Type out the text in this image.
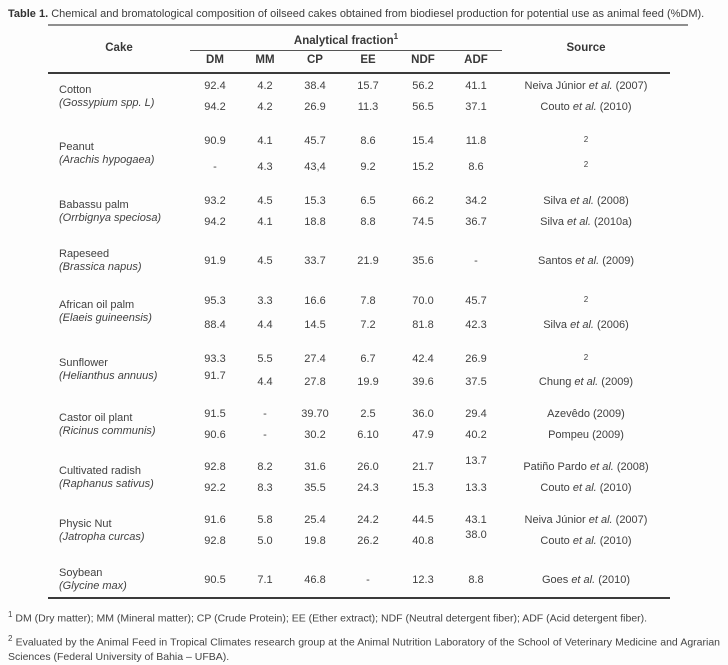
Table 1. Chemical and bromatological composition of oilseed cakes obtained from biodiesel production for potential use as animal feed (%DM).

Cake	Analytical fraction$^1$						Source
	DM	MM	CP	EE	NDF	ADF	

Cotton
(Gossypium spp. L)	92.4	4.2	38.4	15.7	56.2	41.1	Neiva Júnior et al. (2007)
	94.2	4.2	26.9	11.3	56.5	37.1	Couto et al. (2010)

Peanut
(Arachis hypogaea)	90.9	4.1	45.7	8.6	15.4	11.8	$^2$
	-	4.3	43,4	9.2	15.2	8.6	$^2$

Babassu palm
(Orrbignya speciosa)	93.2	4.5	15.3	6.5	66.2	34.2	Silva et al. (2008)
	94.2	4.1	18.8	8.8	74.5	36.7	Silva et al. (2010a)

Rapeseed
(Brassica napus)	91.9	4.5	33.7	21.9	35.6	-	Santos et al. (2009)

African oil palm
(Elaeis guineensis)	95.3	3.3	16.6	7.8	70.0	45.7	$^2$
	88.4	4.4	14.5	7.2	81.8	42.3	Silva et al. (2006)

Sunflower
(Helianthus annuus)	93.3	5.5	27.4	6.7	42.4	26.9	$^2$
	91.7	4.4	27.8	19.9	39.6	37.5	Chung et al. (2009)

Castor oil plant
(Ricinus communis)	91.5	-	39.70	2.5	36.0	29.4	Azevêdo (2009)
	90.6	-	30.2	6.10	47.9	40.2	Pompeu (2009)

Cultivated radish
(Raphanus sativus)	92.8	8.2	31.6	26.0	21.7	13.7	Patiño Pardo et al. (2008)
	92.2	8.3	35.5	24.3	15.3	13.3	Couto et al. (2010)

Physic Nut
(Jatropha curcas)	91.6	5.8	25.4	24.2	44.5	43.1	Neiva Júnior et al. (2007)
	92.8	5.0	19.8	26.2	40.8	38.0	Couto et al. (2010)

Soybean
(Glycine max)	90.5	7.1	46.8	-	12.3	8.8	Goes et al. (2010)

$^1$ DM (Dry matter); MM (Mineral matter); CP (Crude Protein); EE (Ether extract); NDF (Neutral detergent fiber); ADF (Acid detergent fiber).

$^2$ Evaluated by the Animal Feed in Tropical Climates research group at the Animal Nutrition Laboratory of the School of Veterinary Medicine and Agrarian Sciences (Federal University of Bahia – UFBA).
